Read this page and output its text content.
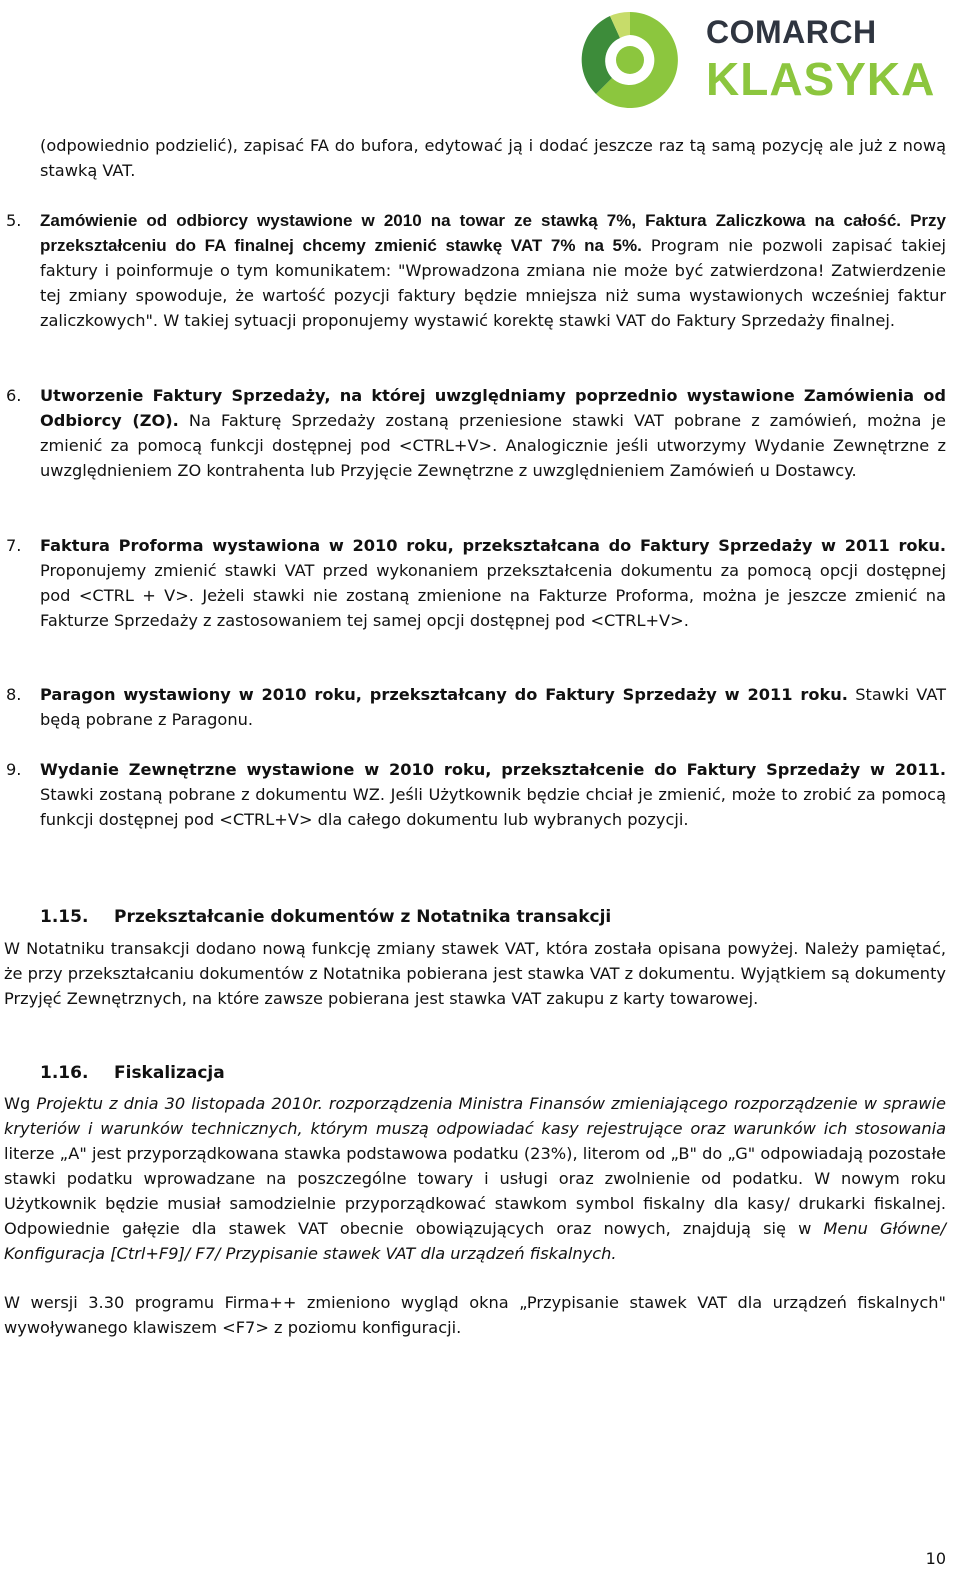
COMARCH
KLASYKA

(odpowiednio podzielić), zapisać FA do bufora, edytować ją i dodać jeszcze raz tą samą pozycję ale już z nową stawką VAT.

5. Zamówienie od odbiorcy wystawione w 2010 na towar ze stawką 7%, Faktura Zaliczkowa na całość. Przy przekształceniu do FA finalnej chcemy zmienić stawkę VAT 7% na 5%. Program nie pozwoli zapisać takiej faktury i poinformuje o tym komunikatem: "Wprowadzona zmiana nie może być zatwierdzona! Zatwierdzenie tej zmiany spowoduje, że wartość pozycji faktury będzie mniejsza niż suma wystawionych wcześniej faktur zaliczkowych". W takiej sytuacji proponujemy wystawić korektę stawki VAT do Faktury Sprzedaży finalnej.

6. Utworzenie Faktury Sprzedaży, na której uwzględniamy poprzednio wystawione Zamówienia od Odbiorcy (ZO). Na Fakturę Sprzedaży zostaną przeniesione stawki VAT pobrane z zamówień, można je zmienić za pomocą funkcji dostępnej pod <CTRL+V>. Analogicznie jeśli utworzymy Wydanie Zewnętrzne z uwzględnieniem ZO kontrahenta lub Przyjęcie Zewnętrzne z uwzględnieniem Zamówień u Dostawcy.

7. Faktura Proforma wystawiona w 2010 roku, przekształcana do Faktury Sprzedaży w 2011 roku. Proponujemy zmienić stawki VAT przed wykonaniem przekształcenia dokumentu za pomocą opcji dostępnej pod <CTRL + V>. Jeżeli stawki nie zostaną zmienione na Fakturze Proforma, można je jeszcze zmienić na Fakturze Sprzedaży z zastosowaniem tej samej opcji dostępnej pod <CTRL+V>.

8. Paragon wystawiony w 2010 roku, przekształcany do Faktury Sprzedaży w 2011 roku. Stawki VAT będą pobrane z Paragonu.

9. Wydanie Zewnętrzne wystawione w 2010 roku, przekształcenie do Faktury Sprzedaży w 2011. Stawki zostaną pobrane z dokumentu WZ. Jeśli Użytkownik będzie chciał je zmienić, może to zrobić za pomocą funkcji dostępnej pod <CTRL+V> dla całego dokumentu lub wybranych pozycji.

1.15. Przekształcanie dokumentów z Notatnika transakcji

W Notatniku transakcji dodano nową funkcję zmiany stawek VAT, która została opisana powyżej. Należy pamiętać, że przy przekształcaniu dokumentów z Notatnika pobierana jest stawka VAT z dokumentu. Wyjątkiem są dokumenty Przyjęć Zewnętrznych, na które zawsze pobierana jest stawka VAT zakupu z karty towarowej.

1.16. Fiskalizacja

Wg Projektu z dnia 30 listopada 2010r. rozporządzenia Ministra Finansów zmieniającego rozporządzenie w sprawie kryteriów i warunków technicznych, którym muszą odpowiadać kasy rejestrujące oraz warunków ich stosowania literze „A" jest przyporządkowana stawka podstawowa podatku (23%), literom od „B" do „G" odpowiadają pozostałe stawki podatku wprowadzane na poszczególne towary i usługi oraz zwolnienie od podatku. W nowym roku Użytkownik będzie musiał samodzielnie przyporządkować stawkom symbol fiskalny dla kasy/ drukarki fiskalnej. Odpowiednie gałęzie dla stawek VAT obecnie obowiązujących oraz nowych, znajdują się w Menu Główne/ Konfiguracja [Ctrl+F9]/ F7/ Przypisanie stawek VAT dla urządzeń fiskalnych.

W wersji 3.30 programu Firma++ zmieniono wygląd okna „Przypisanie stawek VAT dla urządzeń fiskalnych" wywoływanego klawiszem <F7> z poziomu konfiguracji.

10
